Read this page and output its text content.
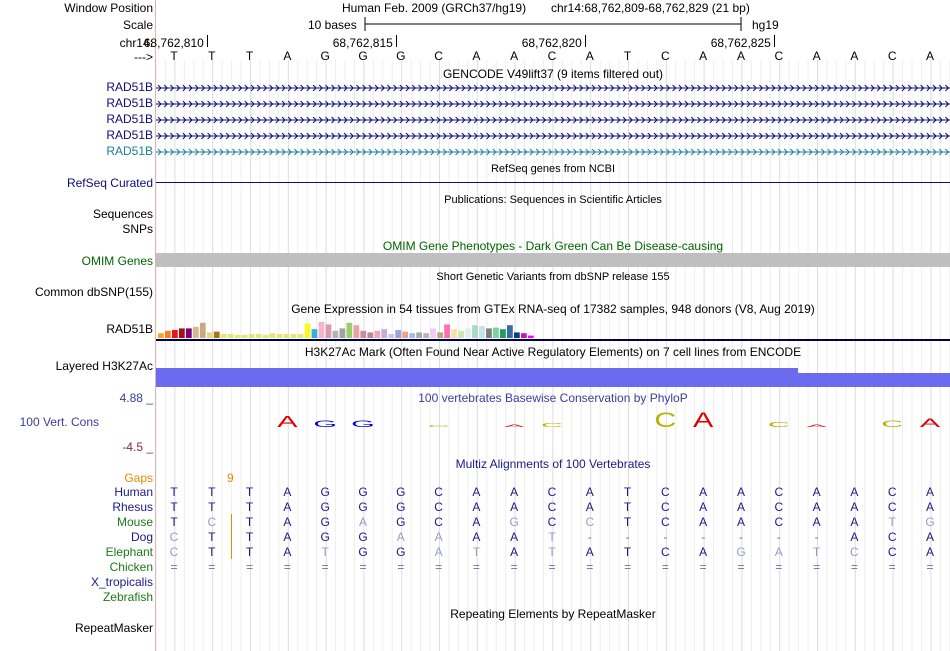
Window Position	Human Feb. 2009 (GRCh37/hg19) chr14:68,762,809-68,762,829 (21 bp)
Scale	10 bases	hg19
chr14:
--->
GENCODE V49lift37 (9 items filtered out)
RefSeq genes from NCBI
RefSeq Curated
Publications: Sequences in Scientific Articles
Sequences
SNPs
OMIM Gene Phenotypes - Dark Green Can Be Disease-causing
OMIM Genes
Short Genetic Variants from dbSNP release 155
Common dbSNP(155)
Gene Expression in 54 tissues from GTEx RNA-seq of 17382 samples, 948 donors (V8, Aug 2019)
RAD51B
H3K27Ac Mark (Often Found Near Active Regulatory Elements) on 7 cell lines from ENCODE
Layered H3K27Ac
100 vertebrates Basewise Conservation by PhyloP
4.88 _
100 Vert. Cons
-4.5 _
A G G	C	A C	C A	C A	C A
Multiz Alignments of 100 Vertebrates
Gaps	9
Repeating Elements by RepeatMasker
RepeatMasker
68,762,810	68,762,815	68,762,820	68,762,825
T	T	T	A	G	G	G	C	A	A	C	A	T	C	A	A	C	A	A	C	A
RAD51B
RAD51B
RAD51B
RAD51B
RAD51B
Human	T	T	T	A	G	G	G	C	A	A	C	A	T	C	A	A	C	A	A	C	A
Rhesus	T	T	T	A	G	G	G	C	A	A	C	A	T	C	A	A	C	A	A	C	A
Mouse	T	C	T	A	G	A	G	C	A	G	C	C	T	C	A	A	C	A	A	T	G
Dog	C	T	T	A	G	G	A	A	A	A	T	-	-	-	-	-	-	-	A	C	A
Elephant	C	T	T	A	T	G	G	A	T	A	T	A	T	C	A	G	A	T	C	C	A
Chicken	=	=	=	=	=	=	=	=	=	=	=	=	=	=	=	=	=	=	=	=	=
X_tropicalis
Zebrafish
